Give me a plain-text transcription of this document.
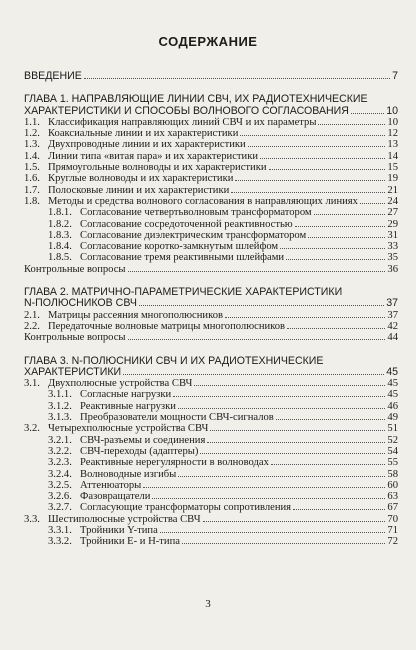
СОДЕРЖАНИЕ
ВВЕДЕНИЕ	7
ГЛАВА 1. НАПРАВЛЯЮЩИЕ ЛИНИИ СВЧ, ИХ РАДИОТЕХНИЧЕСКИЕ
ХАРАКТЕРИСТИКИ И СПОСОБЫ ВОЛНОВОГО СОГЛАСОВАНИЯ	10
1.1. Классификация направляющих линий СВЧ и их параметры	10
1.2. Коаксиальные линии и их характеристики	12
1.3. Двухпроводные линии и их характеристики	13
1.4. Линии типа «витая пара» и их характеристики	14
1.5. Прямоугольные волноводы и их характеристики	15
1.6. Круглые волноводы и их характеристики	19
1.7. Полосковые линии и их характеристики	21
1.8. Методы и средства волнового согласования в направляющих линиях	24
1.8.1. Согласование четвертьволновым трансформатором	27
1.8.2. Согласование сосредоточенной реактивностью	29
1.8.3. Согласование диэлектрическим трансформатором	31
1.8.4. Согласование коротко-замкнутым шлейфом	33
1.8.5. Согласование тремя реактивными шлейфами	35
Контрольные вопросы	36
ГЛАВА 2. МАТРИЧНО-ПАРАМЕТРИЧЕСКИЕ ХАРАКТЕРИСТИКИ
N-ПОЛЮСНИКОВ СВЧ	37
2.1. Матрицы рассеяния многополюсников	37
2.2. Передаточные волновые матрицы многополюсников	42
Контрольные вопросы	44
ГЛАВА 3. N-ПОЛЮСНИКИ СВЧ И ИХ РАДИОТЕХНИЧЕСКИЕ
ХАРАКТЕРИСТИКИ	45
3.1. Двухполюсные устройства СВЧ	45
3.1.1. Согласные нагрузки	45
3.1.2. Реактивные нагрузки	46
3.1.3. Преобразователи мощности СВЧ-сигналов	49
3.2. Четырехполюсные устройства СВЧ	51
3.2.1. СВЧ-разъемы и соединения	52
3.2.2. СВЧ-переходы (адаптеры)	54
3.2.3. Реактивные нерегулярности в волноводах	55
3.2.4. Волноводные изгибы	58
3.2.5. Аттенюаторы	60
3.2.6. Фазовращатели	63
3.2.7. Согласующие трансформаторы сопротивления	67
3.3. Шестиполюсные устройства СВЧ	70
3.3.1. Тройники Y-типа	71
3.3.2. Тройники E- и H-типа	72
3
